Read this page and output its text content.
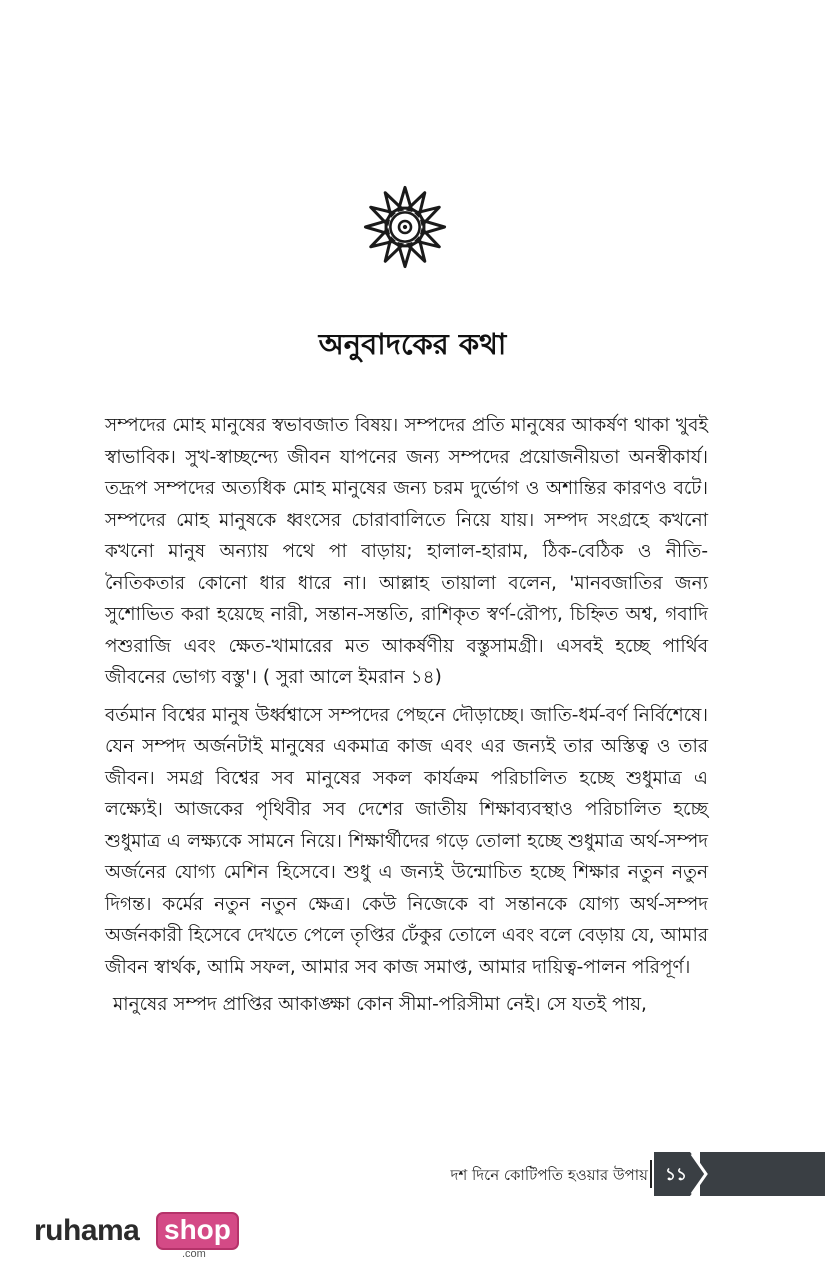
অনুবাদকের কথা

সম্পদের মোহ মানুষের স্বভাবজাত বিষয়। সম্পদের প্রতি মানুষের আকর্ষণ থাকা খুবই স্বাভাবিক। সুখ-স্বাচ্ছন্দ্যে জীবন যাপনের জন্য সম্পদের প্রয়োজনীয়তা অনস্বীকার্য। তদ্রূপ সম্পদের অত্যধিক মোহ মানুষের জন্য চরম দুর্ভোগ ও অশান্তির কারণও বটে। সম্পদের মোহ মানুষকে ধ্বংসের চোরাবালিতে নিয়ে যায়। সম্পদ সংগ্রহে কখনো কখনো মানুষ অন্যায় পথে পা বাড়ায়; হালাল-হারাম, ঠিক-বেঠিক ও নীতি-নৈতিকতার কোনো ধার ধারে না। আল্লাহ তায়ালা বলেন, 'মানবজাতির জন্য সুশোভিত করা হয়েছে নারী, সন্তান-সন্ততি, রাশিকৃত স্বর্ণ-রৌপ্য, চিহ্নিত অশ্ব, গবাদি পশুরাজি এবং ক্ষেত-খামারের মত আকর্ষণীয় বস্তুসামগ্রী। এসবই হচ্ছে পার্থিব জীবনের ভোগ্য বস্তু'। ( সুরা আলে ইমরান ১৪)

বর্তমান বিশ্বের মানুষ উর্ধ্বশ্বাসে সম্পদের পেছনে দৌড়াচ্ছে। জাতি-ধর্ম-বর্ণ নির্বিশেষে। যেন সম্পদ অর্জনটাই মানুষের একমাত্র কাজ এবং এর জন্যই তার অস্তিত্ব ও তার জীবন। সমগ্র বিশ্বের সব মানুষের সকল কার্যক্রম পরিচালিত হচ্ছে শুধুমাত্র এ লক্ষ্যেই। আজকের পৃথিবীর সব দেশের জাতীয় শিক্ষাব্যবস্থাও পরিচালিত হচ্ছে শুধুমাত্র এ লক্ষ্যকে সামনে নিয়ে। শিক্ষার্থীদের গড়ে তোলা হচ্ছে শুধুমাত্র অর্থ-সম্পদ অর্জনের যোগ্য মেশিন হিসেবে। শুধু এ জন্যই উন্মোচিত হচ্ছে শিক্ষার নতুন নতুন দিগন্ত। কর্মের নতুন নতুন ক্ষেত্র। কেউ নিজেকে বা সন্তানকে যোগ্য অর্থ-সম্পদ অর্জনকারী হিসেবে দেখতে পেলে তৃপ্তির ঢেঁকুর তোলে এবং বলে বেড়ায় যে, আমার জীবন স্বার্থক, আমি সফল, আমার সব কাজ সমাপ্ত, আমার দায়িত্ব-পালন পরিপূর্ণ।

মানুষের সম্পদ প্রাপ্তির আকাঙ্ক্ষা কোন সীমা-পরিসীমা নেই। সে যতই পায়,

দশ দিনে কোটিপতি হওয়ার উপায় ১১
ruhama shop
.com
